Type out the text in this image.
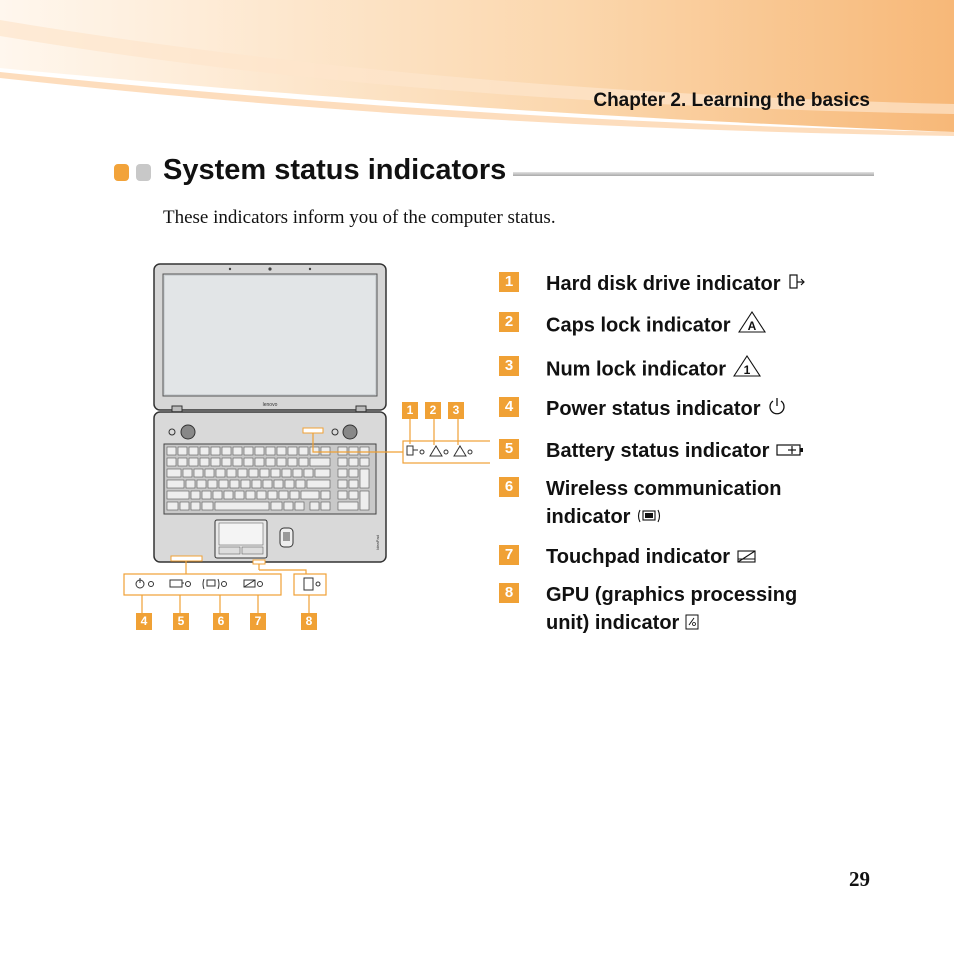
Chapter 2. Learning the basics
System status indicators
These indicators inform you of the computer status.
lenovo
IdeaPad
1	2	3
4	5	6	7	8
1 Hard disk drive indicator
2 Caps lock indicator A
3 Num lock indicator 1
4 Power status indicator
5 Battery status indicator
6 Wireless communication
indicator
7 Touchpad indicator
8 GPU (graphics processing
unit) indicator
29
